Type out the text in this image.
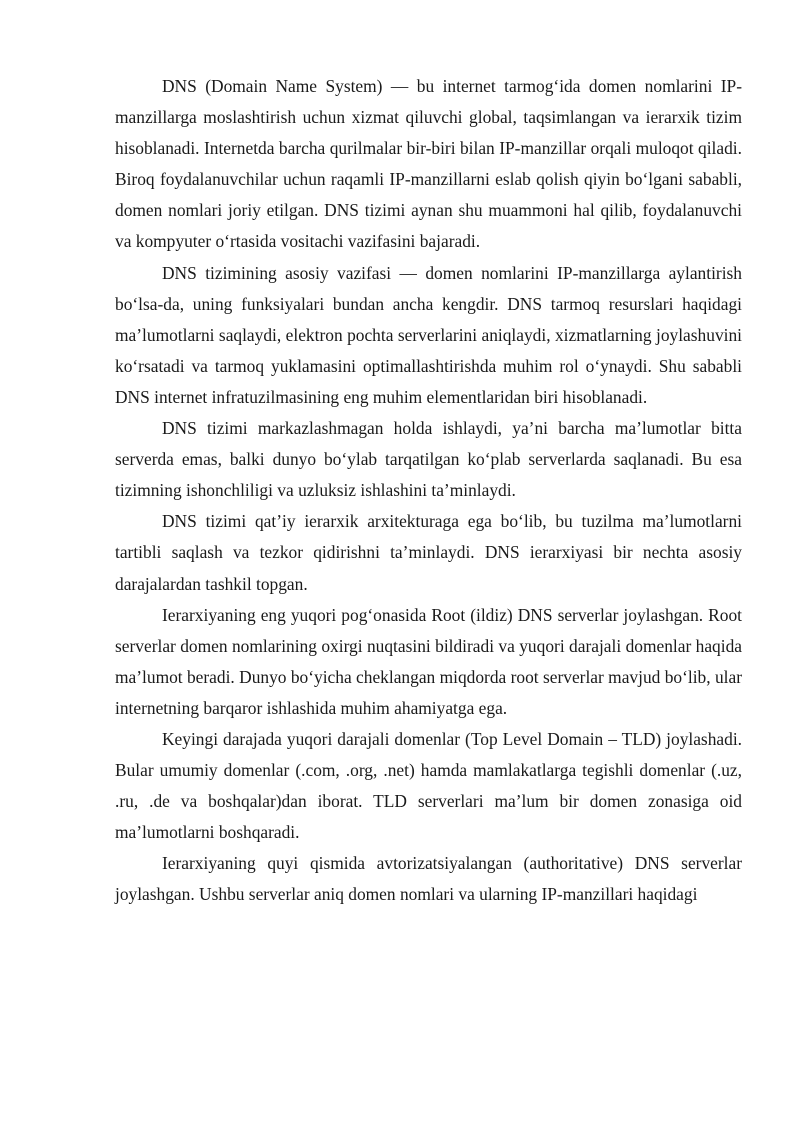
DNS (Domain Name System) — bu internet tarmog‘ida domen nomlarini IP-manzillarga moslashtirish uchun xizmat qiluvchi global, taqsimlangan va ierarxik tizim hisoblanadi. Internetda barcha qurilmalar bir-biri bilan IP-manzillar orqali muloqot qiladi. Biroq foydalanuvchilar uchun raqamli IP-manzillarni eslab qolish qiyin bo‘lgani sababli, domen nomlari joriy etilgan. DNS tizimi aynan shu muammoni hal qilib, foydalanuvchi va kompyuter o‘rtasida vositachi vazifasini bajaradi.

DNS tizimining asosiy vazifasi — domen nomlarini IP-manzillarga aylantirish bo‘lsa-da, uning funksiyalari bundan ancha kengdir. DNS tarmoq resurslari haqidagi ma’lumotlarni saqlaydi, elektron pochta serverlarini aniqlaydi, xizmatlarning joylashuvini ko‘rsatadi va tarmoq yuklamasini optimallashtirishda muhim rol o‘ynaydi. Shu sababli DNS internet infratuzilmasining eng muhim elementlaridan biri hisoblanadi.

DNS tizimi markazlashmagan holda ishlaydi, ya’ni barcha ma’lumotlar bitta serverda emas, balki dunyo bo‘ylab tarqatilgan ko‘plab serverlarda saqlanadi. Bu esa tizimning ishonchliligi va uzluksiz ishlashini ta’minlaydi.

DNS tizimi qat’iy ierarxik arxitekturaga ega bo‘lib, bu tuzilma ma’lumotlarni tartibli saqlash va tezkor qidirishni ta’minlaydi. DNS ierarxiyasi bir nechta asosiy darajalardan tashkil topgan.

Ierarxiyaning eng yuqori pog‘onasida Root (ildiz) DNS serverlar joylashgan. Root serverlar domen nomlarining oxirgi nuqtasini bildiradi va yuqori darajali domenlar haqida ma’lumot beradi. Dunyo bo‘yicha cheklangan miqdorda root serverlar mavjud bo‘lib, ular internetning barqaror ishlashida muhim ahamiyatga ega.

Keyingi darajada yuqori darajali domenlar (Top Level Domain – TLD) joylashadi. Bular umumiy domenlar (.com, .org, .net) hamda mamlakatlarga tegishli domenlar (.uz, .ru, .de va boshqalar)dan iborat. TLD serverlari ma’lum bir domen zonasiga oid ma’lumotlarni boshqaradi.

Ierarxiyaning quyi qismida avtorizatsiyalangan (authoritative) DNS serverlar joylashgan. Ushbu serverlar aniq domen nomlari va ularning IP-manzillari haqidagi
